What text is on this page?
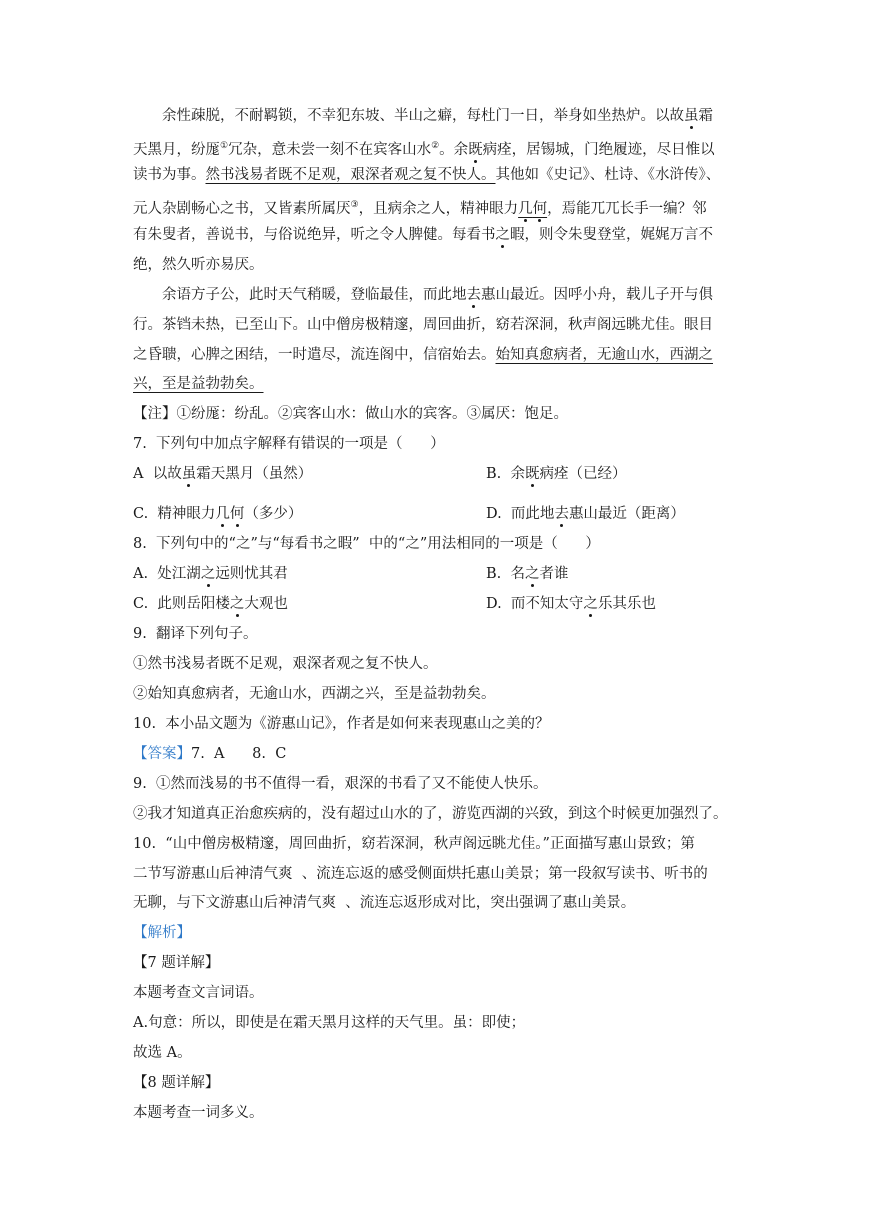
余性疎脱，不耐羁锁，不幸犯东坡、半山之癖，每杜门一日，举身如坐热炉。以故虽霜
天黑月，纷厖①冗杂，意未尝一刻不在宾客山水②。余既病痊，居锡城，门绝履迹，尽日惟以
读书为事。然书浅易者既不足观，艰深者观之复不快人。其他如《史记》、杜诗、《水浒传》、
元人杂剧畅心之书，又皆素所属厌③，且病余之人，精神眼力几何，焉能兀兀长手一编？邻
有朱叟者，善说书，与俗说绝异，听之令人脾健。每看书之暇，则令朱叟登堂，娓娓万言不
绝，然久听亦易厌。
余语方子公，此时天气稍暖，登临最佳，而此地去惠山最近。因呼小舟，载儿子开与俱
行。茶铛未热，已至山下。山中僧房极精邃，周回曲折，窈若深洞，秋声阁远眺尤佳。眼目
之昏聩，心脾之困结，一时遣尽，流连阁中，信宿始去。始知真愈病者，无逾山水，西湖之
兴，至是益勃勃矣。
【注】①纷厖：纷乱。②宾客山水：做山水的宾客。③属厌：饱足。
7.  下列句中加点字解释有错误的一项是（      ）
A  以故虽霜天黑月（虽然）	B.  余既病痊（已经）
C.  精神眼力几何（多少）	D.  而此地去惠山最近（距离）
8.  下列句中的“之”与“每看书之暇”  中的“之”用法相同的一项是（      ）
A.  处江湖之远则忧其君	B.  名之者谁
C.  此则岳阳楼之大观也	D.  而不知太守之乐其乐也
9.  翻译下列句子。
①然书浅易者既不足观，艰深者观之复不快人。
②始知真愈病者，无逾山水，西湖之兴，至是益勃勃矣。
10.  本小品文题为《游惠山记》，作者是如何来表现惠山之美的？
【答案】7.  A      8.  C
9.  ①然而浅易的书不值得一看，艰深的书看了又不能使人快乐。
②我才知道真正治愈疾病的，没有超过山水的了，游览西湖的兴致，到这个时候更加强烈了。
10.  “山中僧房极精邃，周回曲折，窈若深洞，秋声阁远眺尤佳。”正面描写惠山景致；第
二节写游惠山后神清气爽  、流连忘返的感受侧面烘托惠山美景；第一段叙写读书、听书的
无聊，与下文游惠山后神清气爽  、流连忘返形成对比，突出强调了惠山美景。
【解析】
【7 题详解】
本题考查文言词语。
A.句意：所以，即使是在霜天黑月这样的天气里。虽：即使；
故选 A。
【8 题详解】
本题考查一词多义。
